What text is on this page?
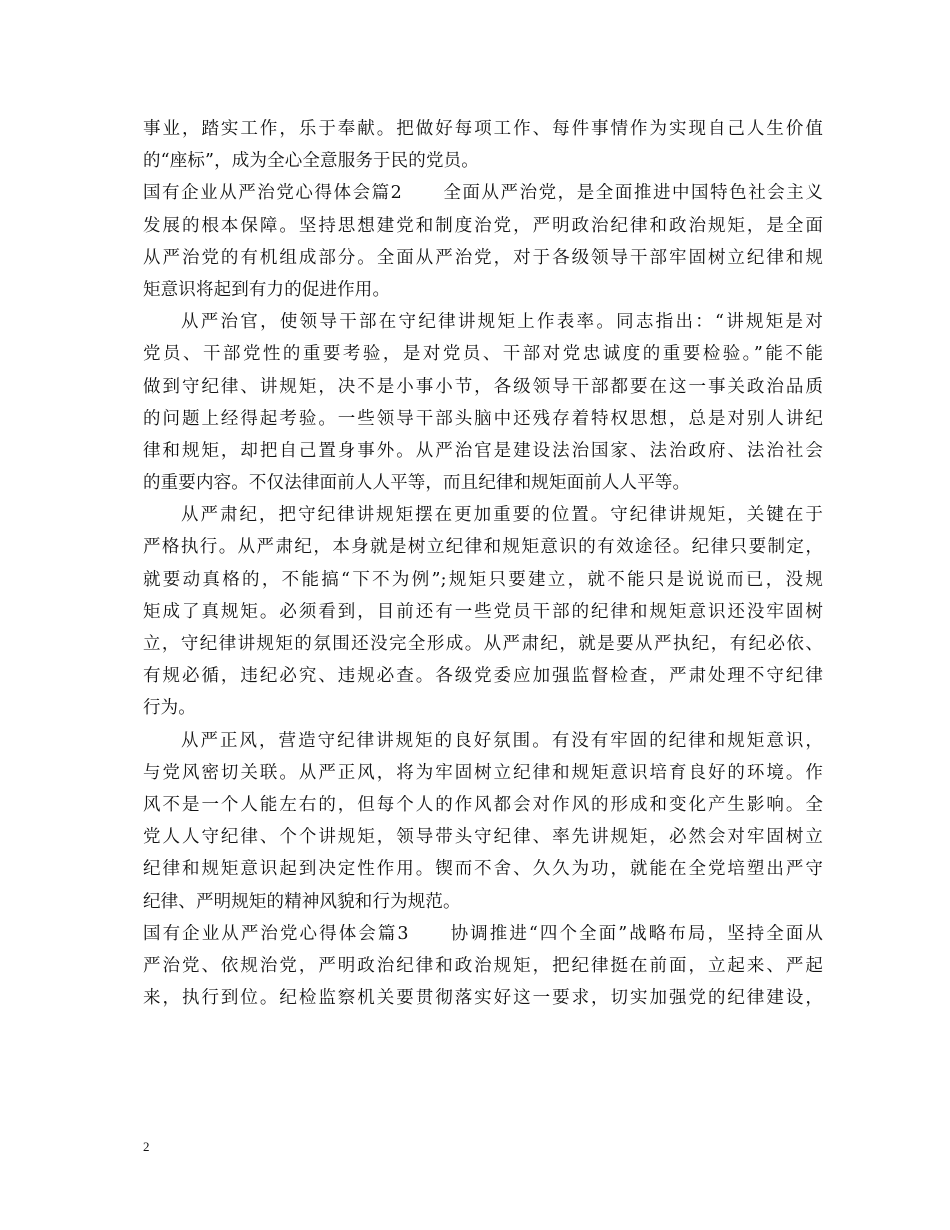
事业，踏实工作，乐于奉献。把做好每项工作、每件事情作为实现自己人生价值
的“座标”，成为全心全意服务于民的党员。
国有企业从严治党心得体会篇2 全面从严治党，是全面推进中国特色社会主义
发展的根本保障。坚持思想建党和制度治党，严明政治纪律和政治规矩，是全面
从严治党的有机组成部分。全面从严治党，对于各级领导干部牢固树立纪律和规
矩意识将起到有力的促进作用。
从严治官，使领导干部在守纪律讲规矩上作表率。同志指出：“讲规矩是对
党员、干部党性的重要考验，是对党员、干部对党忠诚度的重要检验。”能不能
做到守纪律、讲规矩，决不是小事小节，各级领导干部都要在这一事关政治品质
的问题上经得起考验。一些领导干部头脑中还残存着特权思想，总是对别人讲纪
律和规矩，却把自己置身事外。从严治官是建设法治国家、法治政府、法治社会
的重要内容。不仅法律面前人人平等，而且纪律和规矩面前人人平等。
从严肃纪，把守纪律讲规矩摆在更加重要的位置。守纪律讲规矩，关键在于
严格执行。从严肃纪，本身就是树立纪律和规矩意识的有效途径。纪律只要制定，
就要动真格的，不能搞“下不为例”;规矩只要建立，就不能只是说说而已，没规
矩成了真规矩。必须看到，目前还有一些党员干部的纪律和规矩意识还没牢固树
立，守纪律讲规矩的氛围还没完全形成。从严肃纪，就是要从严执纪，有纪必依、
有规必循，违纪必究、违规必查。各级党委应加强监督检查，严肃处理不守纪律
行为。
从严正风，营造守纪律讲规矩的良好氛围。有没有牢固的纪律和规矩意识，
与党风密切关联。从严正风，将为牢固树立纪律和规矩意识培育良好的环境。作
风不是一个人能左右的，但每个人的作风都会对作风的形成和变化产生影响。全
党人人守纪律、个个讲规矩，领导带头守纪律、率先讲规矩，必然会对牢固树立
纪律和规矩意识起到决定性作用。锲而不舍、久久为功，就能在全党培塑出严守
纪律、严明规矩的精神风貌和行为规范。
国有企业从严治党心得体会篇3 协调推进“四个全面”战略布局，坚持全面从
严治党、依规治党，严明政治纪律和政治规矩，把纪律挺在前面，立起来、严起
来，执行到位。纪检监察机关要贯彻落实好这一要求，切实加强党的纪律建设，
2
